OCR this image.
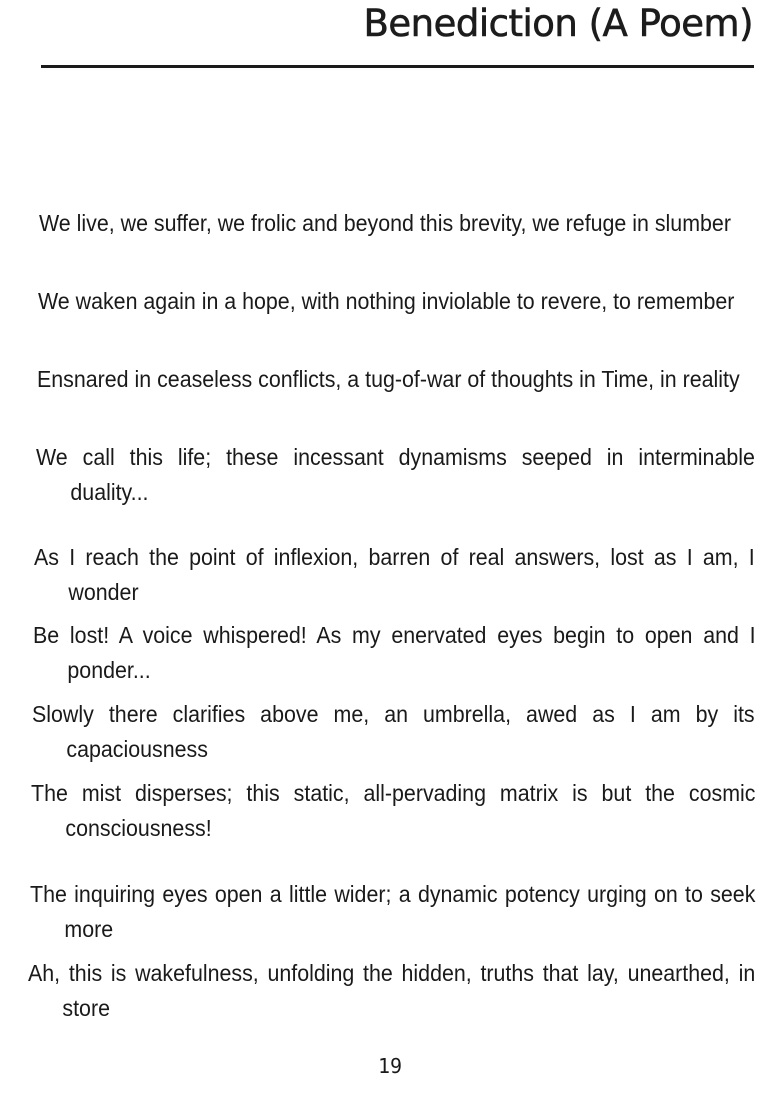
Benediction (A Poem)
We live, we suffer, we frolic and beyond this brevity, we refuge in slumber
We waken again in a hope, with nothing inviolable to revere, to remember
Ensnared in ceaseless conflicts, a tug-of-war of thoughts in Time, in reality
We call this life; these incessant dynamisms seeped in interminable duality...
As I reach the point of inflexion, barren of real answers, lost as I am, I wonder
Be lost! A voice whispered! As my enervated eyes begin to open and I ponder...
Slowly there clarifies above me, an umbrella, awed as I am by its capaciousness
The mist disperses; this static, all-pervading matrix is but the cosmic consciousness!
The inquiring eyes open a little wider; a dynamic potency urging on to seek more
Ah, this is wakefulness, unfolding the hidden, truths that lay, unearthed, in store
19
